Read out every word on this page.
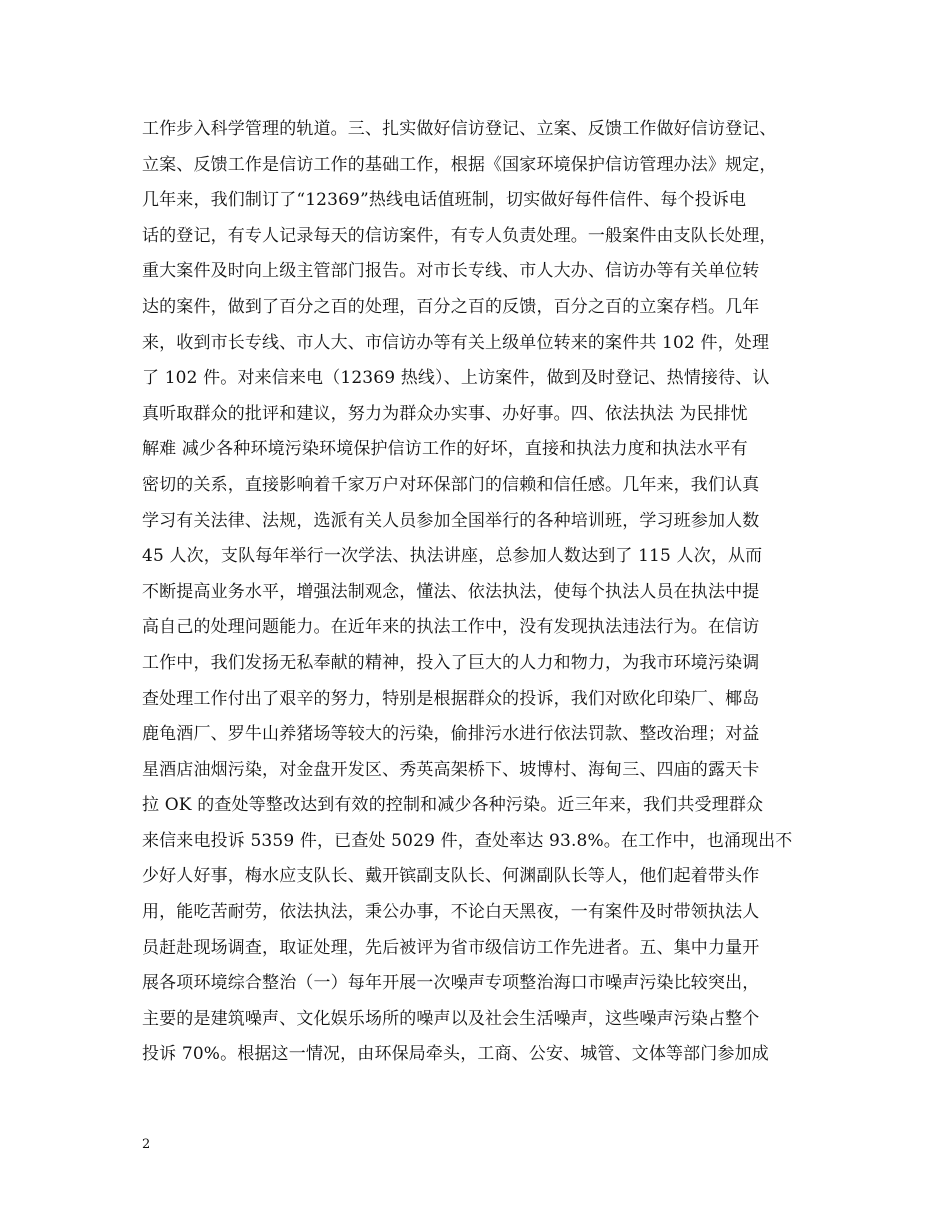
工作步入科学管理的轨道。三、扎实做好信访登记、立案、反馈工作做好信访登记、
立案、反馈工作是信访工作的基础工作，根据《国家环境保护信访管理办法》规定，
几年来，我们制订了“12369”热线电话值班制，切实做好每件信件、每个投诉电
话的登记，有专人记录每天的信访案件，有专人负责处理。一般案件由支队长处理，
重大案件及时向上级主管部门报告。对市长专线、市人大办、信访办等有关单位转
达的案件，做到了百分之百的处理，百分之百的反馈，百分之百的立案存档。几年
来，收到市长专线、市人大、市信访办等有关上级单位转来的案件共 102 件，处理
了 102 件。对来信来电（12369 热线）、上访案件，做到及时登记、热情接待、认
真听取群众的批评和建议，努力为群众办实事、办好事。四、依法执法 为民排忧
解难 减少各种环境污染环境保护信访工作的好坏，直接和执法力度和执法水平有
密切的关系，直接影响着千家万户对环保部门的信赖和信任感。几年来，我们认真
学习有关法律、法规，选派有关人员参加全国举行的各种培训班，学习班参加人数
45 人次，支队每年举行一次学法、执法讲座，总参加人数达到了 115 人次，从而
不断提高业务水平，增强法制观念，懂法、依法执法，使每个执法人员在执法中提
高自己的处理问题能力。在近年来的执法工作中，没有发现执法违法行为。在信访
工作中，我们发扬无私奉献的精神，投入了巨大的人力和物力，为我市环境污染调
查处理工作付出了艰辛的努力，特别是根据群众的投诉，我们对欧化印染厂、椰岛
鹿龟酒厂、罗牛山养猪场等较大的污染，偷排污水进行依法罚款、整改治理；对益
星酒店油烟污染，对金盘开发区、秀英高架桥下、坡博村、海甸三、四庙的露天卡
拉 OK 的查处等整改达到有效的控制和减少各种污染。近三年来，我们共受理群众
来信来电投诉 5359 件，已查处 5029 件，查处率达 93.8%。在工作中，也涌现出不
少好人好事，梅水应支队长、戴开镔副支队长、何渊副队长等人，他们起着带头作
用，能吃苦耐劳，依法执法，秉公办事，不论白天黑夜，一有案件及时带领执法人
员赶赴现场调查，取证处理，先后被评为省市级信访工作先进者。五、集中力量开
展各项环境综合整治（一）每年开展一次噪声专项整治海口市噪声污染比较突出，
主要的是建筑噪声、文化娱乐场所的噪声以及社会生活噪声，这些噪声污染占整个
投诉 70%。根据这一情况，由环保局牵头，工商、公安、城管、文体等部门参加成
2
